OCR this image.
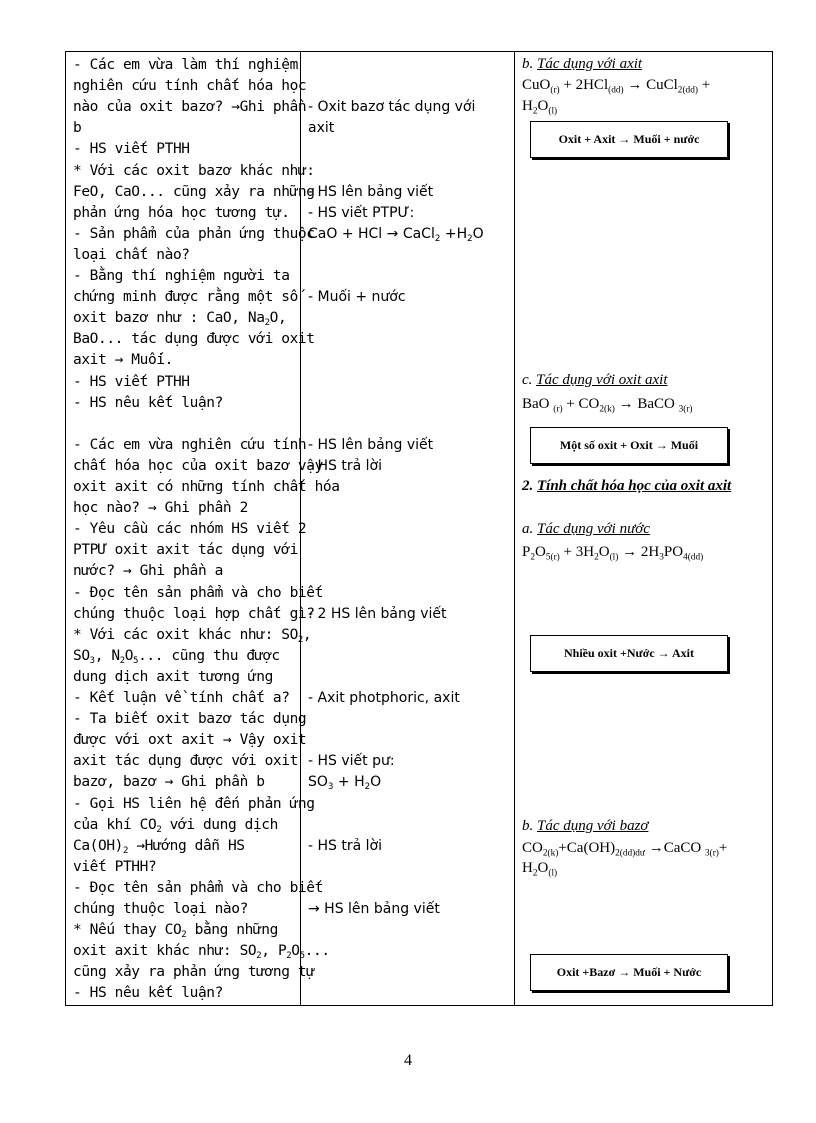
- Các em vừa làm thí nghiệm
nghiên cứu tính chất hóa học
nào của oxit bazơ? →Ghi phần
b
- HS viết PTHH
* Với các oxit bazơ khác như:
FeO, CaO... cũng xảy ra những
phản ứng hóa học tương tự.
- Sản phẩm của phản ứng thuộc
loại chất nào?
- Bằng thí nghiệm người ta
chứng minh được rằng một số
oxit bazơ như : CaO, $Na_2O$,
BaO... tác dụng được với oxit
axit → Muối.
- HS viết PTHH
- HS nêu kết luận?
- Các em vừa nghiên cứu tính
chất hóa học của oxit bazơ vậy
oxit axit có những tính chất hóa
học nào? → Ghi phần 2
- Yêu cầu các nhóm HS viết 2
PTPƯ oxit axit tác dụng với
nước? → Ghi phần a
- Đọc tên sản phẩm và cho biết
chúng thuộc loại hợp chất gì?
* Với các oxit khác như: $SO_2$,
$SO_3$, $N_2O_5$... cũng thu được
dung dịch axit tương ứng
- Kết luận về tính chất a?
- Ta biết oxit bazơ tác dụng
được với oxt axit → Vậy oxit
axit tác dụng được với oxit
bazơ, bazơ → Ghi phần b
- Gọi HS liên hệ đến phản ứng
của khí $CO_2$ với dung dịch
$Ca(OH)_2$ →Hướng dẫn HS
viết PTHH?
- Đọc tên sản phẩm và cho biết
chúng thuộc loại nào?
* Nếu thay $CO_2$ bằng những
oxit axit khác như: $SO_2$, $P_2O_5$...
cũng xảy ra phản ứng tương tự
- HS nêu kết luận?
- Oxit bazơ tác dụng với
axit
- HS lên bảng viết
- HS viết PTPƯ:
CaO + HCl → CaCl$_2$ $+H_2O$
- Muối + nước
- HS lên bảng viết
- HS trả lời
- 2 HS lên bảng viết
- Axit photphoric, axit
- HS viết pư:
$SO_3 + H_2O$
- HS trả lời
→ HS lên bảng viết
b. Tác dụng với axit
CuO$_{(r)}$ + 2HCl$_{(dd)}$ → CuCl$_{2(dd)}$ +
$H_2O_{(l)}$
c. Tác dụng với oxit axit
BaO $_{(r)} + CO_{2(k)}$ → BaCO $_{3(r)}$
2. Tính chất hóa học của oxit axit
a. Tác dụng với nước
$P_2O_{5(r)} + 3H_2O_{(l)} \to 2H_3PO_{4(dd)}$
b. Tác dụng với bazơ
$CO_{2(k)}+Ca(OH)_{2(dd)dư}$ →CaCO $_{3(r)}$+
$H_2O_{(l)}$
Oxit + Axit → Muối + nước
Một số oxit + Oxit → Muối
Nhiều oxit +Nước → Axit
Oxit +Bazơ → Muối + Nước
4
